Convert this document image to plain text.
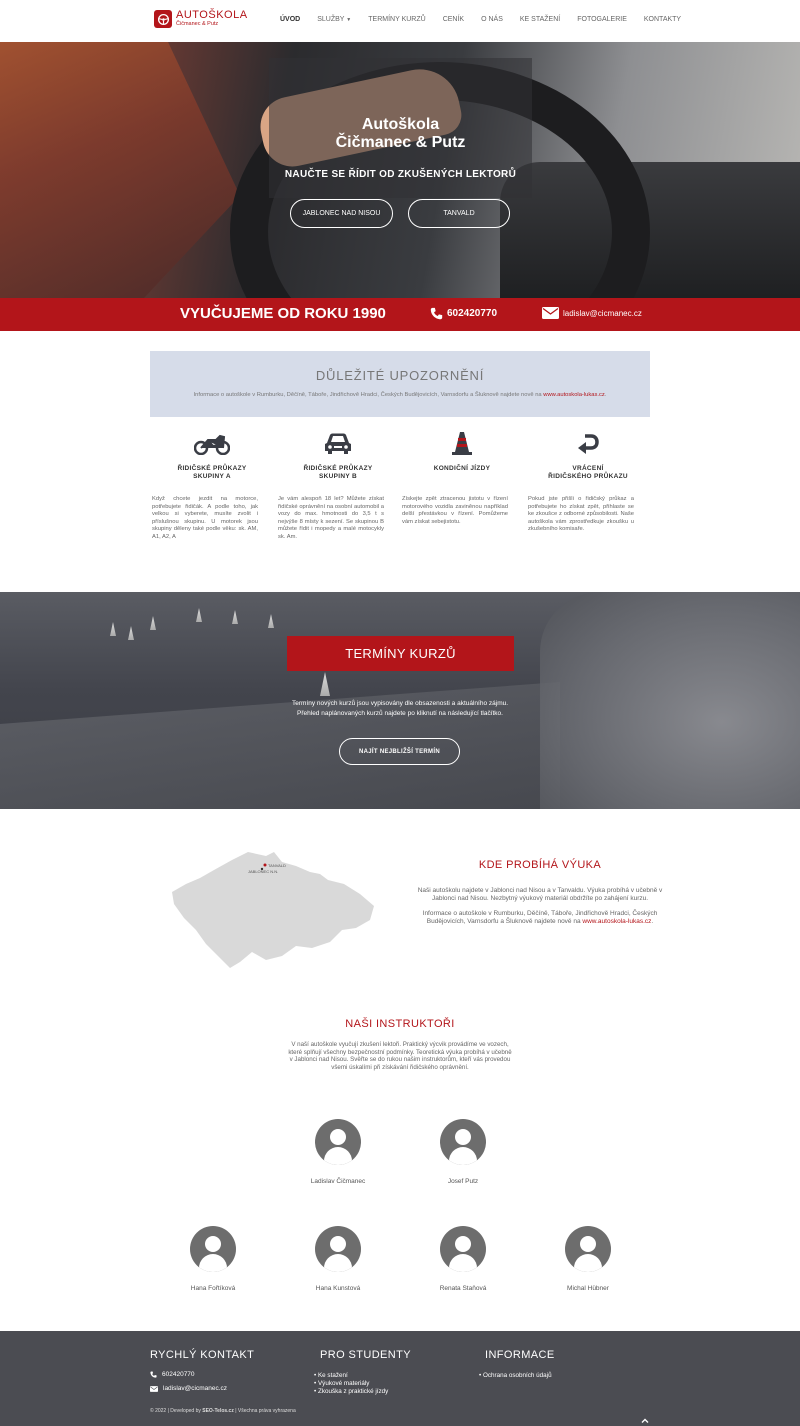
AUTOŠKOLA
Čičmanec & Putz
ÚVOD SLUŽBY ▼ TERMÍNY KURZŮ CENÍK O NÁS KE STAŽENÍ FOTOGALERIE KONTAKTY
Autoškola
Čičmanec & Putz
NAUČTE SE ŘÍDIT OD ZKUŠENÝCH LEKTORŮ
JABLONEC NAD NISOU	TANVALD
VYUČUJEME OD ROKU 1990	602420770	ladislav@cicmanec.cz
DŮLEŽITÉ UPOZORNĚNÍ
Informace o autoškole v Rumburku, Děčíně, Táboře, Jindřichově Hradci, Českých Budějovicích, Varnsdorfu a Šluknově najdete nově na www.autoskola-lukas.cz.
ŘIDIČSKÉ PRŮKAZY
SKUPINY A
Když chcete jezdit na motorce, potřebujete řidičák. A podle toho, jak velkou si vyberete, musíte zvolit i příslušnou skupinu. U motorek jsou skupiny děleny také podle věku: sk. AM, A1, A2, A
ŘIDIČSKÉ PRŮKAZY
SKUPINY B
Je vám alespoň 18 let? Můžete získat řidičské oprávnění na osobní automobil a vozy do max. hmotnosti do 3,5 t s nejvýše 8 místy k sezení. Se skupinou B můžete řídit i mopedy a malé motocykly sk. Am.
KONDIČNÍ JÍZDY
Získejte zpět ztracenou jistotu v řízení motorového vozidla zaviněnou například delší přestávkou v řízení. Pomůžeme vám získat sebejistotu.
VRÁCENÍ
ŘIDIČSKÉHO PRŮKAZU
Pokud jste přišli o řidičský průkaz a potřebujete ho získat zpět, přihlaste se ke zkoušce z odborné způsobilosti. Naše autoškola vám zprostředkuje zkoušku u zkušebního komisaře.
TERMÍNY KURZŮ
Termíny nových kurzů jsou vypisovány dle obsazenosti a aktuálního zájmu.
Přehled naplánovaných kurzů najdete po kliknutí na následující tlačítko.
NAJÍT NEJBLIŽŠÍ TERMÍN
TANVALD
JABLONEC N.N.
KDE PROBÍHÁ VÝUKA
Naši autoškolu najdete v Jablonci nad Nisou a v Tanvaldu. Výuka probíhá v učebně v Jablonci nad Nisou. Nezbytný výukový materiál obdržíte po zahájení kurzu.
Informace o autoškole v Rumburku, Děčíně, Táboře, Jindřichově Hradci, Českých Budějovicích, Varnsdorfu a Šluknově najdete nově na www.autoskola-lukas.cz.
NAŠI INSTRUKTOŘI
V naší autoškole vyučují zkušení lektoři. Praktický výcvik provádíme ve vozech, které splňují všechny bezpečnostní podmínky. Teoretická výuka probíhá v učebně v Jablonci nad Nisou. Svěřte se do rukou našim instruktorům, kteří vás provedou všemi úskalími při získávání řidičského oprávnění.
Ladislav Čičmanec	Josef Putz
Hana Fořtíková	Hana Kunstová	Renata Staňová	Michal Hübner
RYCHLÝ KONTAKT
602420770
ladislav@cicmanec.cz
PRO STUDENTY
• Ke stažení
• Výukové materiály
• Zkouška z praktické jízdy
INFORMACE
• Ochrana osobních údajů
© 2022 | Developed by SEO-Telos.cz | Všechna práva vyhrazena
